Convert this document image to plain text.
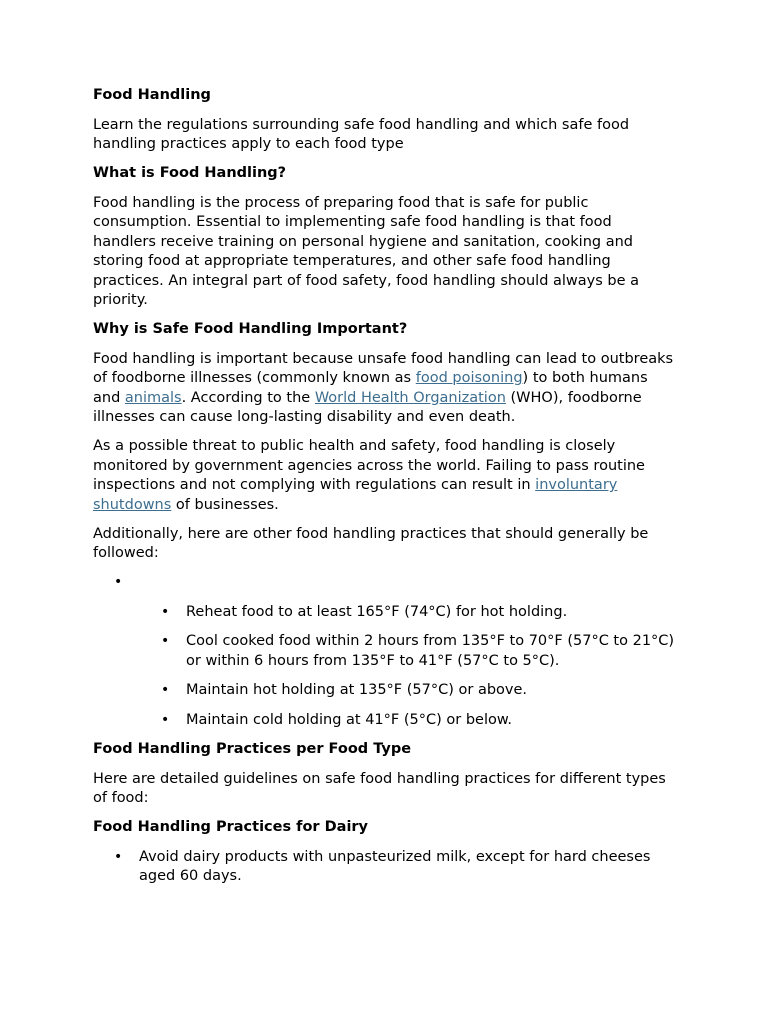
Food Handling
Learn the regulations surrounding safe food handling and which safe food handling practices apply to each food type
What is Food Handling?
Food handling is the process of preparing food that is safe for public consumption. Essential to implementing safe food handling is that food handlers receive training on personal hygiene and sanitation, cooking and storing food at appropriate temperatures, and other safe food handling practices. An integral part of food safety, food handling should always be a priority.
Why is Safe Food Handling Important?
Food handling is important because unsafe food handling can lead to outbreaks of foodborne illnesses (commonly known as food poisoning) to both humans and animals. According to the World Health Organization (WHO), foodborne illnesses can cause long-lasting disability and even death.
As a possible threat to public health and safety, food handling is closely monitored by government agencies across the world. Failing to pass routine inspections and not complying with regulations can result in involuntary shutdowns of businesses.
Additionally, here are other food handling practices that should generally be followed:
•
• Reheat food to at least 165°F (74°C) for hot holding.
• Cool cooked food within 2 hours from 135°F to 70°F (57°C to 21°C) or within 6 hours from 135°F to 41°F (57°C to 5°C).
• Maintain hot holding at 135°F (57°C) or above.
• Maintain cold holding at 41°F (5°C) or below.
Food Handling Practices per Food Type
Here are detailed guidelines on safe food handling practices for different types of food:
Food Handling Practices for Dairy
• Avoid dairy products with unpasteurized milk, except for hard cheeses aged 60 days.
